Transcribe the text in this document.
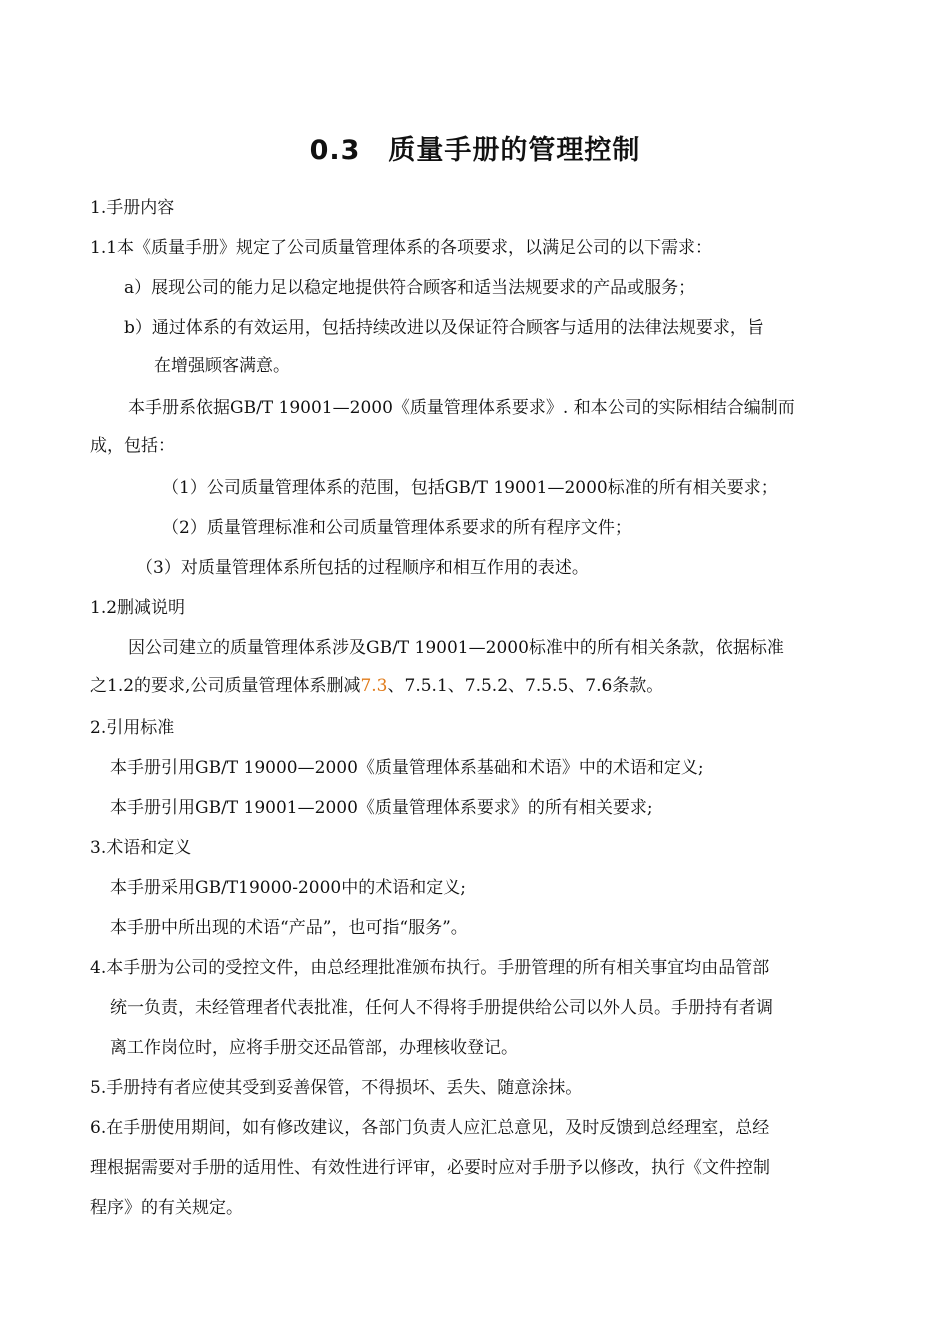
0.3　质量手册的管理控制
1.手册内容
1.1本《质量手册》规定了公司质量管理体系的各项要求，以满足公司的以下需求：
a）展现公司的能力足以稳定地提供符合顾客和适当法规要求的产品或服务；
b）通过体系的有效运用，包括持续改进以及保证符合顾客与适用的法律法规要求，旨
在增强顾客满意。
本手册系依据GB/T 19001—2000《质量管理体系要求》. 和本公司的实际相结合编制而
成，包括：
（1）公司质量管理体系的范围，包括GB/T 19001—2000标准的所有相关要求；
（2）质量管理标准和公司质量管理体系要求的所有程序文件；
（3）对质量管理体系所包括的过程顺序和相互作用的表述。
1.2删减说明
因公司建立的质量管理体系涉及GB/T 19001—2000标准中的所有相关条款，依据标准
之1.2的要求,公司质量管理体系删减7.3、7.5.1、7.5.2、7.5.5、7.6条款。
2.引用标准
本手册引用GB/T 19000—2000《质量管理体系基础和术语》中的术语和定义;
本手册引用GB/T 19001—2000《质量管理体系要求》的所有相关要求;
3.术语和定义
本手册采用GB/T19000-2000中的术语和定义;
本手册中所出现的术语“产品”，也可指“服务”。
4.本手册为公司的受控文件，由总经理批准颁布执行。手册管理的所有相关事宜均由品管部
统一负责，未经管理者代表批准，任何人不得将手册提供给公司以外人员。手册持有者调
离工作岗位时，应将手册交还品管部，办理核收登记。
5.手册持有者应使其受到妥善保管，不得损坏、丢失、随意涂抹。
6.在手册使用期间，如有修改建议，各部门负责人应汇总意见，及时反馈到总经理室，总经
理根据需要对手册的适用性、有效性进行评审，必要时应对手册予以修改，执行《文件控制
程序》的有关规定。
